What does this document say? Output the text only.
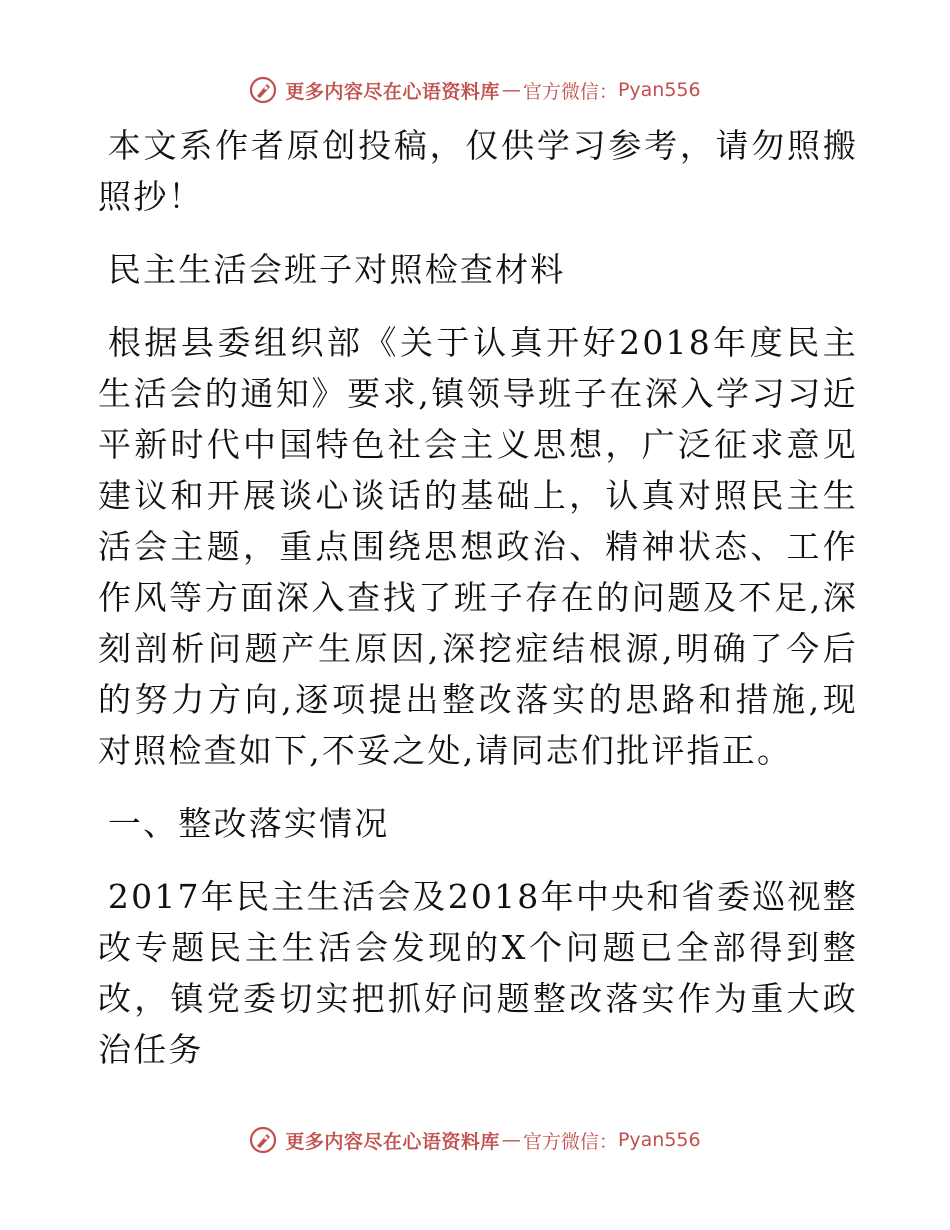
更多内容尽在心语资料库 — 官方微信： Pyan556

本文系作者原创投稿，仅供学习参考，请勿照搬照抄！

民主生活会班子对照检查材料

根据县委组织部《关于认真开好2018年度民主生活会的通知》要求,镇领导班子在深入学习习近平新时代中国特色社会主义思想，广泛征求意见建议和开展谈心谈话的基础上，认真对照民主生活会主题，重点围绕思想政治、精神状态、工作作风等方面深入查找了班子存在的问题及不足,深刻剖析问题产生原因,深挖症结根源,明确了今后的努力方向,逐项提出整改落实的思路和措施,现对照检查如下,不妥之处,请同志们批评指正。

一、整改落实情况

2017年民主生活会及2018年中央和省委巡视整改专题民主生活会发现的X个问题已全部得到整改，镇党委切实把抓好问题整改落实作为重大政治任务

更多内容尽在心语资料库 — 官方微信： Pyan556
